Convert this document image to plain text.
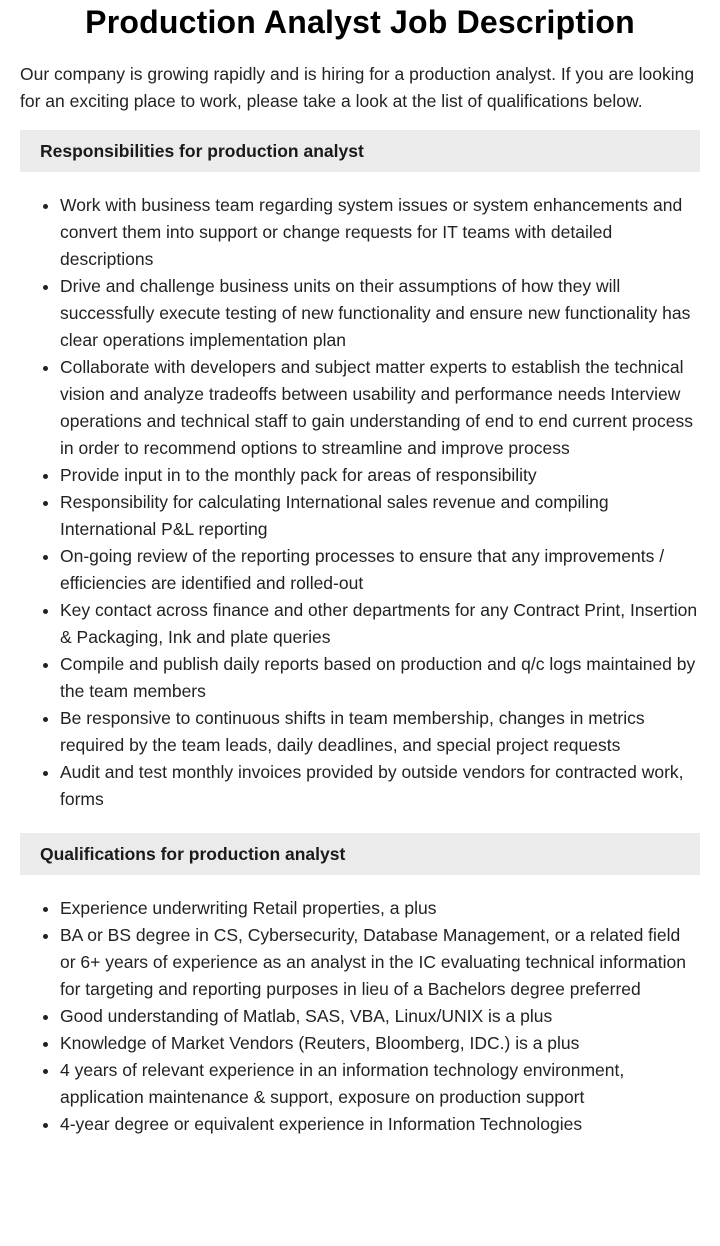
Production Analyst Job Description

Our company is growing rapidly and is hiring for a production analyst. If you are looking for an exciting place to work, please take a look at the list of qualifications below.

Responsibilities for production analyst
• Work with business team regarding system issues or system enhancements and convert them into support or change requests for IT teams with detailed descriptions
• Drive and challenge business units on their assumptions of how they will successfully execute testing of new functionality and ensure new functionality has clear operations implementation plan
• Collaborate with developers and subject matter experts to establish the technical vision and analyze tradeoffs between usability and performance needs Interview operations and technical staff to gain understanding of end to end current process in order to recommend options to streamline and improve process
• Provide input in to the monthly pack for areas of responsibility
• Responsibility for calculating International sales revenue and compiling International P&L reporting
• On-going review of the reporting processes to ensure that any improvements / efficiencies are identified and rolled-out
• Key contact across finance and other departments for any Contract Print, Insertion & Packaging, Ink and plate queries
• Compile and publish daily reports based on production and q/c logs maintained by the team members
• Be responsive to continuous shifts in team membership, changes in metrics required by the team leads, daily deadlines, and special project requests
• Audit and test monthly invoices provided by outside vendors for contracted work, forms
Qualifications for production analyst
• Experience underwriting Retail properties, a plus
• BA or BS degree in CS, Cybersecurity, Database Management, or a related field or 6+ years of experience as an analyst in the IC evaluating technical information for targeting and reporting purposes in lieu of a Bachelors degree preferred
• Good understanding of Matlab, SAS, VBA, Linux/UNIX is a plus
• Knowledge of Market Vendors (Reuters, Bloomberg, IDC.) is a plus
• 4 years of relevant experience in an information technology environment, application maintenance & support, exposure on production support
• 4-year degree or equivalent experience in Information Technologies
